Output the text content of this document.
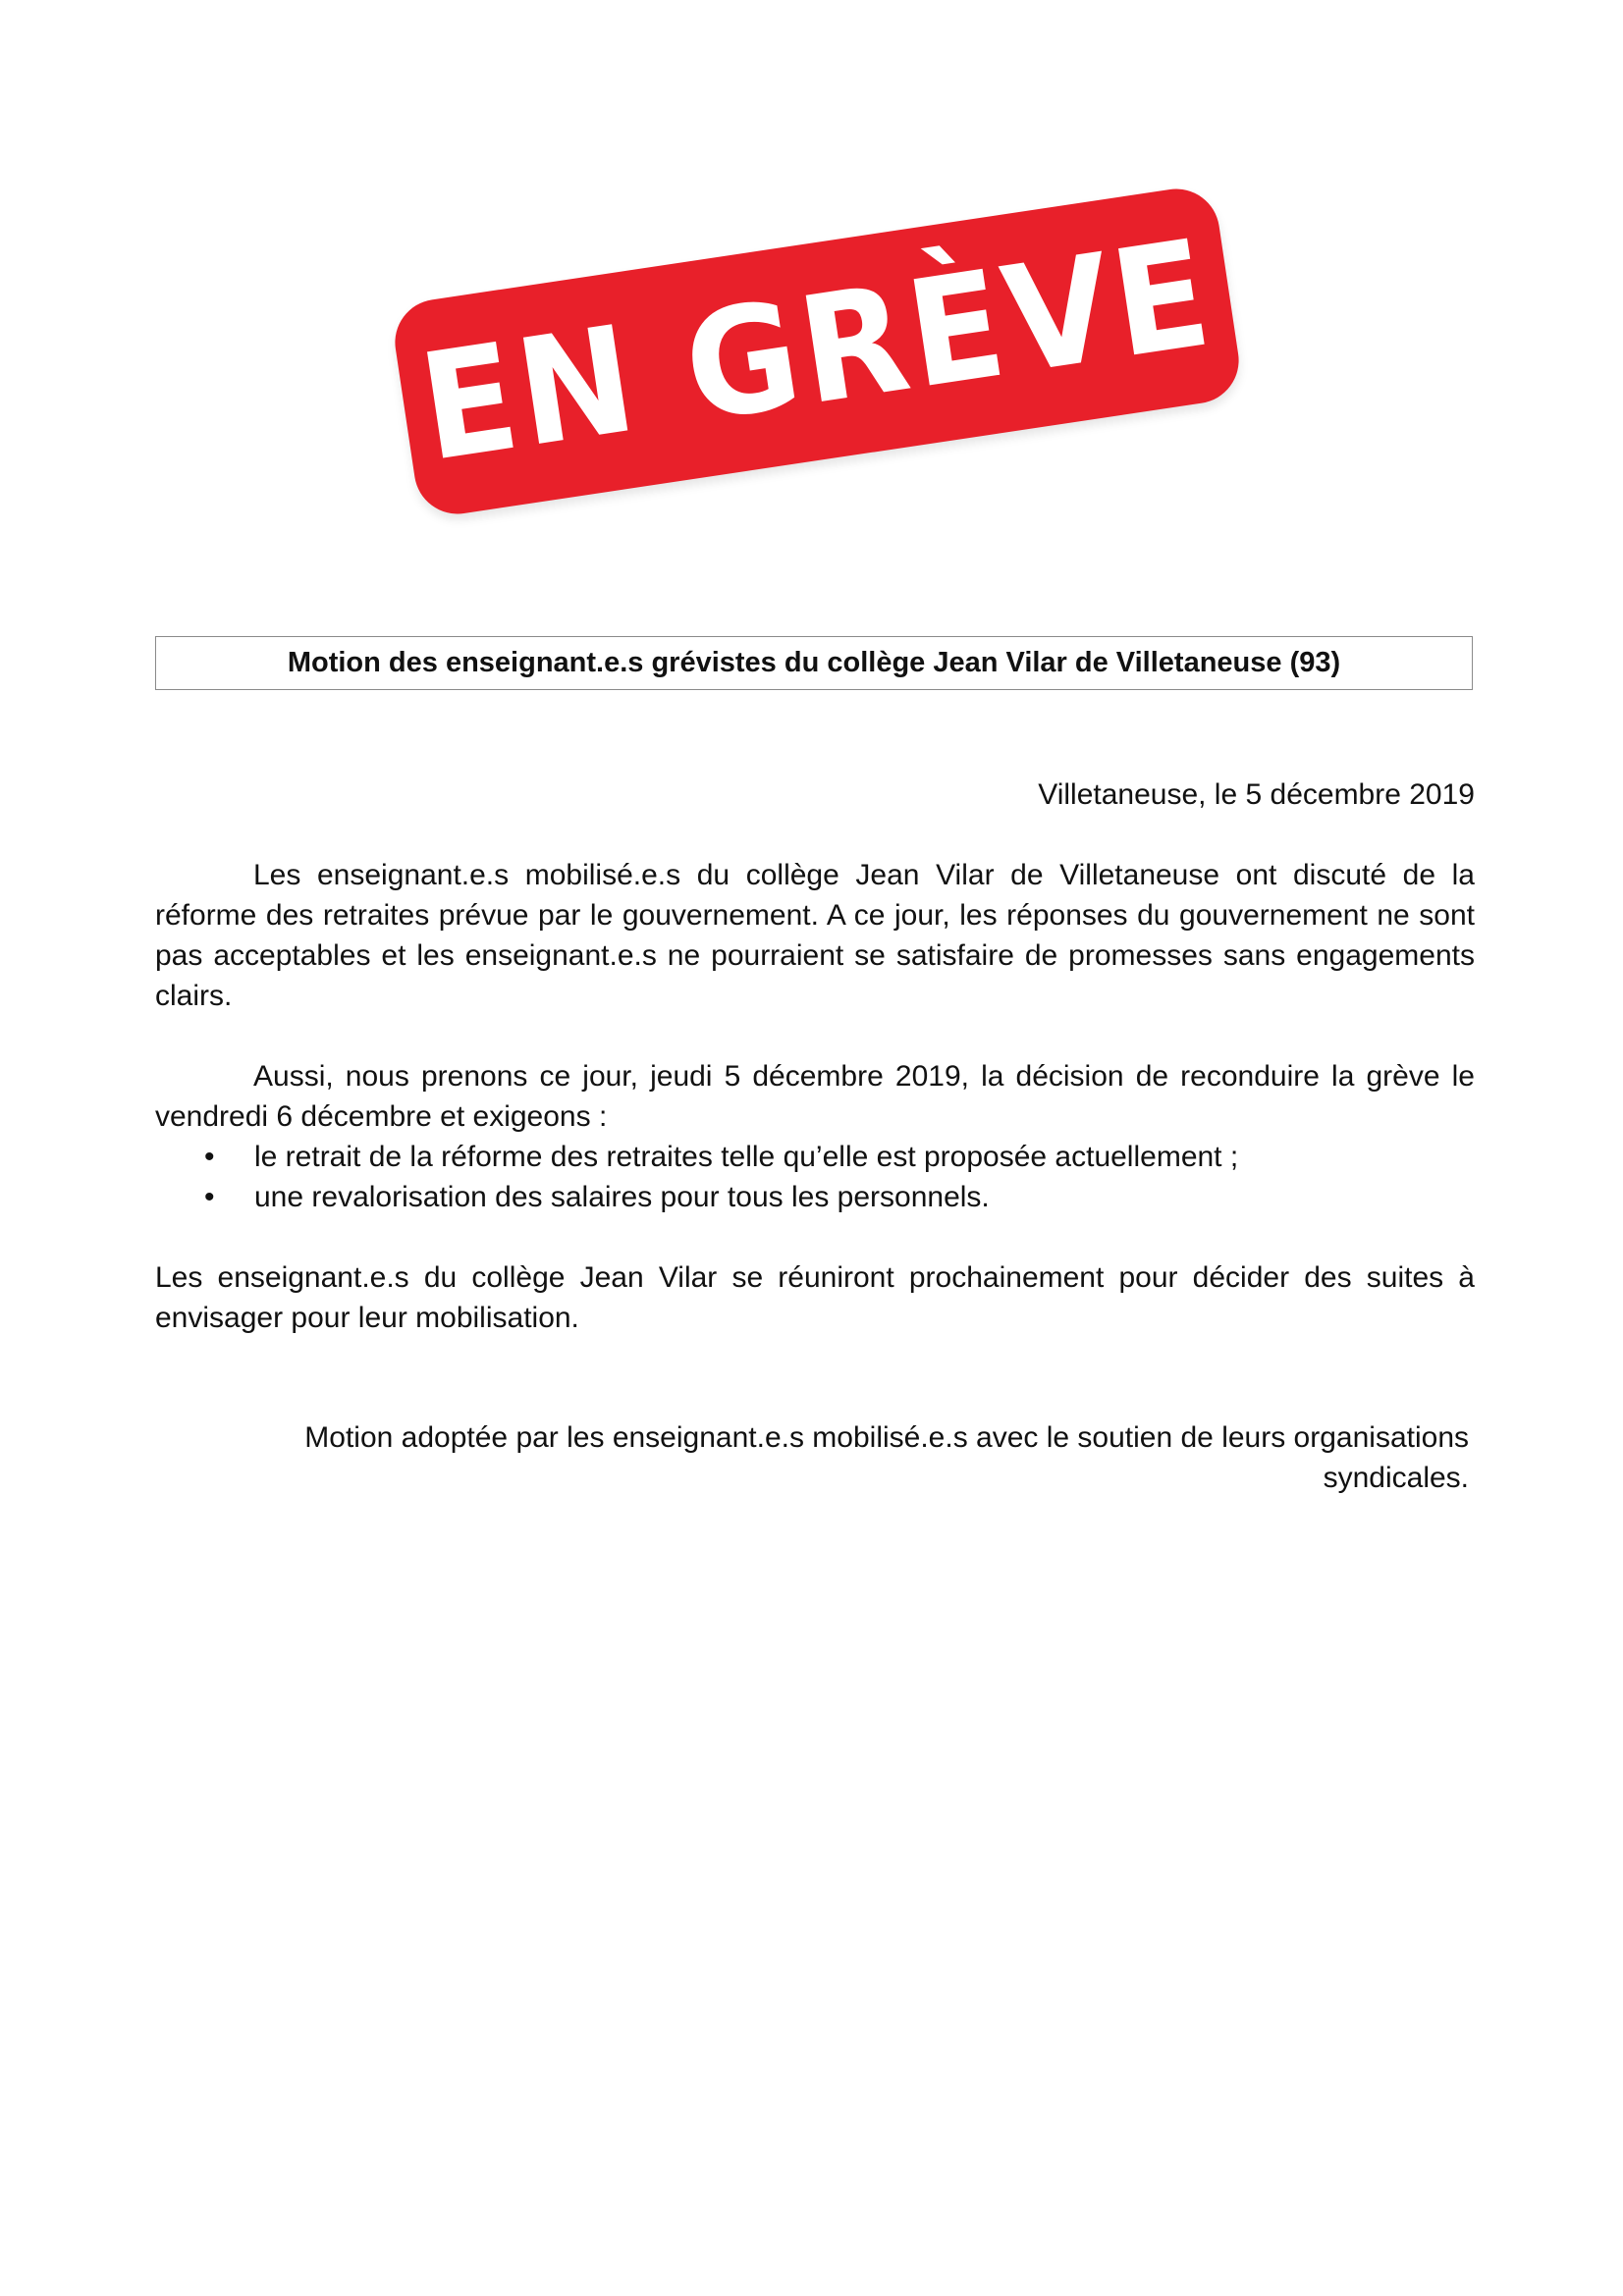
EN GRÈVE
Motion des enseignant.e.s grévistes du collège Jean Vilar de Villetaneuse (93)
Villetaneuse, le 5 décembre 2019
Les enseignant.e.s mobilisé.e.s du collège Jean Vilar de Villetaneuse ont discuté de la réforme des retraites prévue par le gouvernement. A ce jour, les réponses du gouvernement ne sont pas acceptables et les enseignant.e.s ne pourraient se satisfaire de promesses sans engagements clairs.
Aussi, nous prenons ce jour, jeudi 5 décembre 2019, la décision de reconduire la grève le vendredi 6 décembre et exigeons :
• le retrait de la réforme des retraites telle qu’elle est proposée actuellement ;
• une revalorisation des salaires pour tous les personnels.
Les enseignant.e.s du collège Jean Vilar se réuniront prochainement pour décider des suites à envisager pour leur mobilisation.
Motion adoptée par les enseignant.e.s mobilisé.e.s avec le soutien de leurs organisations syndicales.
